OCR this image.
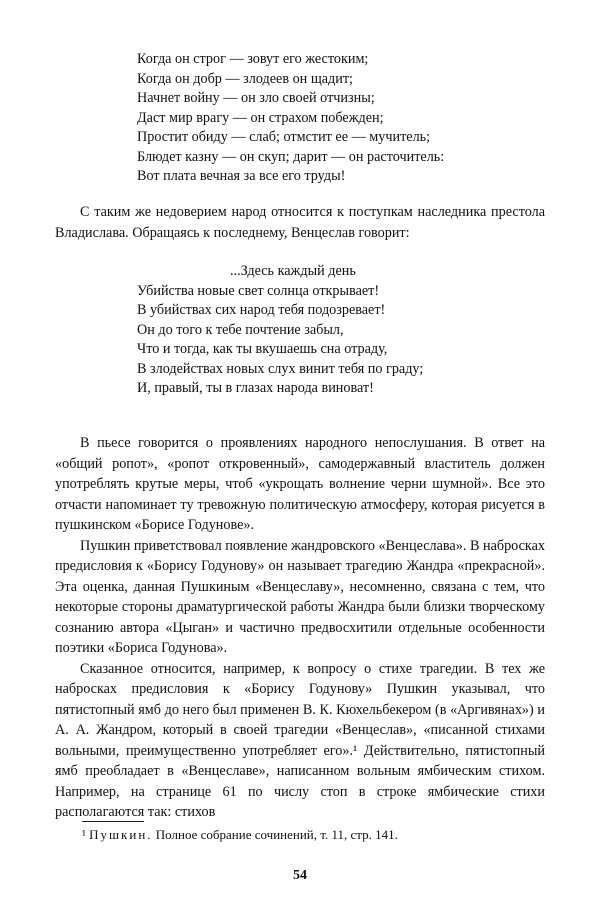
Когда он строг — зовут его жестоким;
Когда он добр — злодеев он щадит;
Начнет войну — он зло своей отчизны;
Даст мир врагу — он страхом побежден;
Простит обиду — слаб; отмстит ее — мучитель;
Блюдет казну — он скуп; дарит — он расточитель:
Вот плата вечная за все его труды!

С таким же недоверием народ относится к поступкам наследника престола Владислава. Обращаясь к последнему, Венцеслав говорит:

...Здесь каждый день
Убийства новые свет солнца открывает!
В убийствах сих народ тебя подозревает!
Он до того к тебе почтение забыл,
Что и тогда, как ты вкушаешь сна отраду,
В злодействах новых слух винит тебя по граду;
И, правый, ты в глазах народа виноват!

В пьесе говорится о проявлениях народного непослушания. В ответ на «общий ропот», «ропот откровенный», самодержавный властитель должен употреблять крутые меры, чтоб «укрощать волнение черни шумной». Все это отчасти напоминает ту тревожную политическую атмосферу, которая рисуется в пушкинском «Борисе Годунове».

Пушкин приветствовал появление жандровского «Венцеслава». В набросках предисловия к «Борису Годунову» он называет трагедию Жандра «прекрасной». Эта оценка, данная Пушкиным «Венцеславу», несомненно, связана с тем, что некоторые стороны драматургической работы Жандра были близки творческому сознанию автора «Цыган» и частично предвосхитили отдельные особенности поэтики «Бориса Годунова».

Сказанное относится, например, к вопросу о стихе трагедии. В тех же набросках предисловия к «Борису Годунову» Пушкин указывал, что пятистопный ямб до него был применен В. К. Кюхельбекером (в «Аргивянах») и А. А. Жандром, который в своей трагедии «Венцеслав», «писанной стихами вольными, преимущественно употребляет его».¹ Действительно, пятистопный ямб преобладает в «Венцеславе», написанном вольным ямбическим стихом. Например, на странице 61 по числу стоп в строке ямбические стихи располагаются так: стихов

¹ Пушкин. Полное собрание сочинений, т. 11, стр. 141.
54
